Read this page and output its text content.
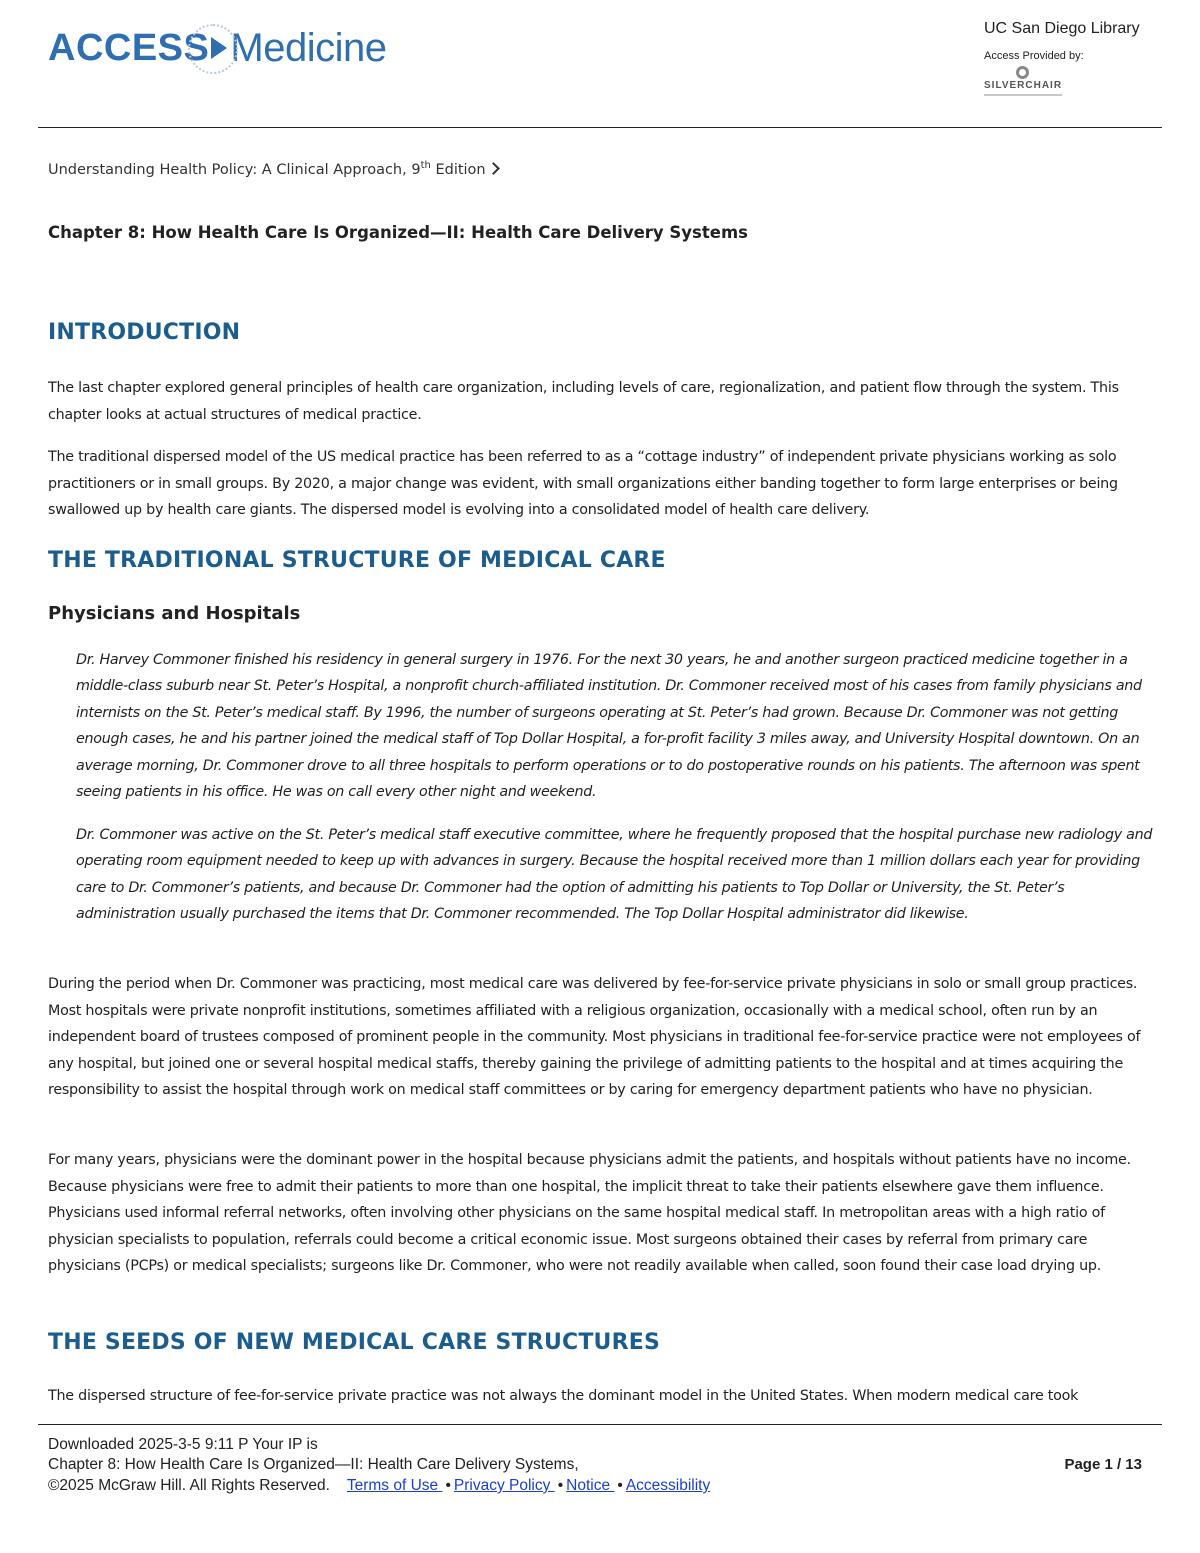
ACCESS Medicine	UC San Diego Library
Access Provided by:
SILVERCHAIR
Understanding Health Policy: A Clinical Approach, 9th Edition
Chapter 8: How Health Care Is Organized—II: Health Care Delivery Systems
INTRODUCTION
The last chapter explored general principles of health care organization, including levels of care, regionalization, and patient flow through the system. This chapter looks at actual structures of medical practice.
The traditional dispersed model of the US medical practice has been referred to as a “cottage industry” of independent private physicians working as solo practitioners or in small groups. By 2020, a major change was evident, with small organizations either banding together to form large enterprises or being swallowed up by health care giants. The dispersed model is evolving into a consolidated model of health care delivery.
THE TRADITIONAL STRUCTURE OF MEDICAL CARE
Physicians and Hospitals
Dr. Harvey Commoner finished his residency in general surgery in 1976. For the next 30 years, he and another surgeon practiced medicine together in a middle-class suburb near St. Peter’s Hospital, a nonprofit church-affiliated institution. Dr. Commoner received most of his cases from family physicians and internists on the St. Peter’s medical staff. By 1996, the number of surgeons operating at St. Peter’s had grown. Because Dr. Commoner was not getting enough cases, he and his partner joined the medical staff of Top Dollar Hospital, a for-profit facility 3 miles away, and University Hospital downtown. On an average morning, Dr. Commoner drove to all three hospitals to perform operations or to do postoperative rounds on his patients. The afternoon was spent seeing patients in his office. He was on call every other night and weekend.
Dr. Commoner was active on the St. Peter’s medical staff executive committee, where he frequently proposed that the hospital purchase new radiology and operating room equipment needed to keep up with advances in surgery. Because the hospital received more than 1 million dollars each year for providing care to Dr. Commoner’s patients, and because Dr. Commoner had the option of admitting his patients to Top Dollar or University, the St. Peter’s administration usually purchased the items that Dr. Commoner recommended. The Top Dollar Hospital administrator did likewise.
During the period when Dr. Commoner was practicing, most medical care was delivered by fee-for-service private physicians in solo or small group practices. Most hospitals were private nonprofit institutions, sometimes affiliated with a religious organization, occasionally with a medical school, often run by an independent board of trustees composed of prominent people in the community. Most physicians in traditional fee-for-service practice were not employees of any hospital, but joined one or several hospital medical staffs, thereby gaining the privilege of admitting patients to the hospital and at times acquiring the responsibility to assist the hospital through work on medical staff committees or by caring for emergency department patients who have no physician.
For many years, physicians were the dominant power in the hospital because physicians admit the patients, and hospitals without patients have no income. Because physicians were free to admit their patients to more than one hospital, the implicit threat to take their patients elsewhere gave them influence. Physicians used informal referral networks, often involving other physicians on the same hospital medical staff. In metropolitan areas with a high ratio of physician specialists to population, referrals could become a critical economic issue. Most surgeons obtained their cases by referral from primary care physicians (PCPs) or medical specialists; surgeons like Dr. Commoner, who were not readily available when called, soon found their case load drying up.
THE SEEDS OF NEW MEDICAL CARE STRUCTURES
The dispersed structure of fee-for-service private practice was not always the dominant model in the United States. When modern medical care took
Downloaded 2025-3-5 9:11 P Your IP is
Chapter 8: How Health Care Is Organized—II: Health Care Delivery Systems,
©2025 McGraw Hill. All Rights Reserved. Terms of Use • Privacy Policy • Notice • Accessibility
Page 1 / 13
